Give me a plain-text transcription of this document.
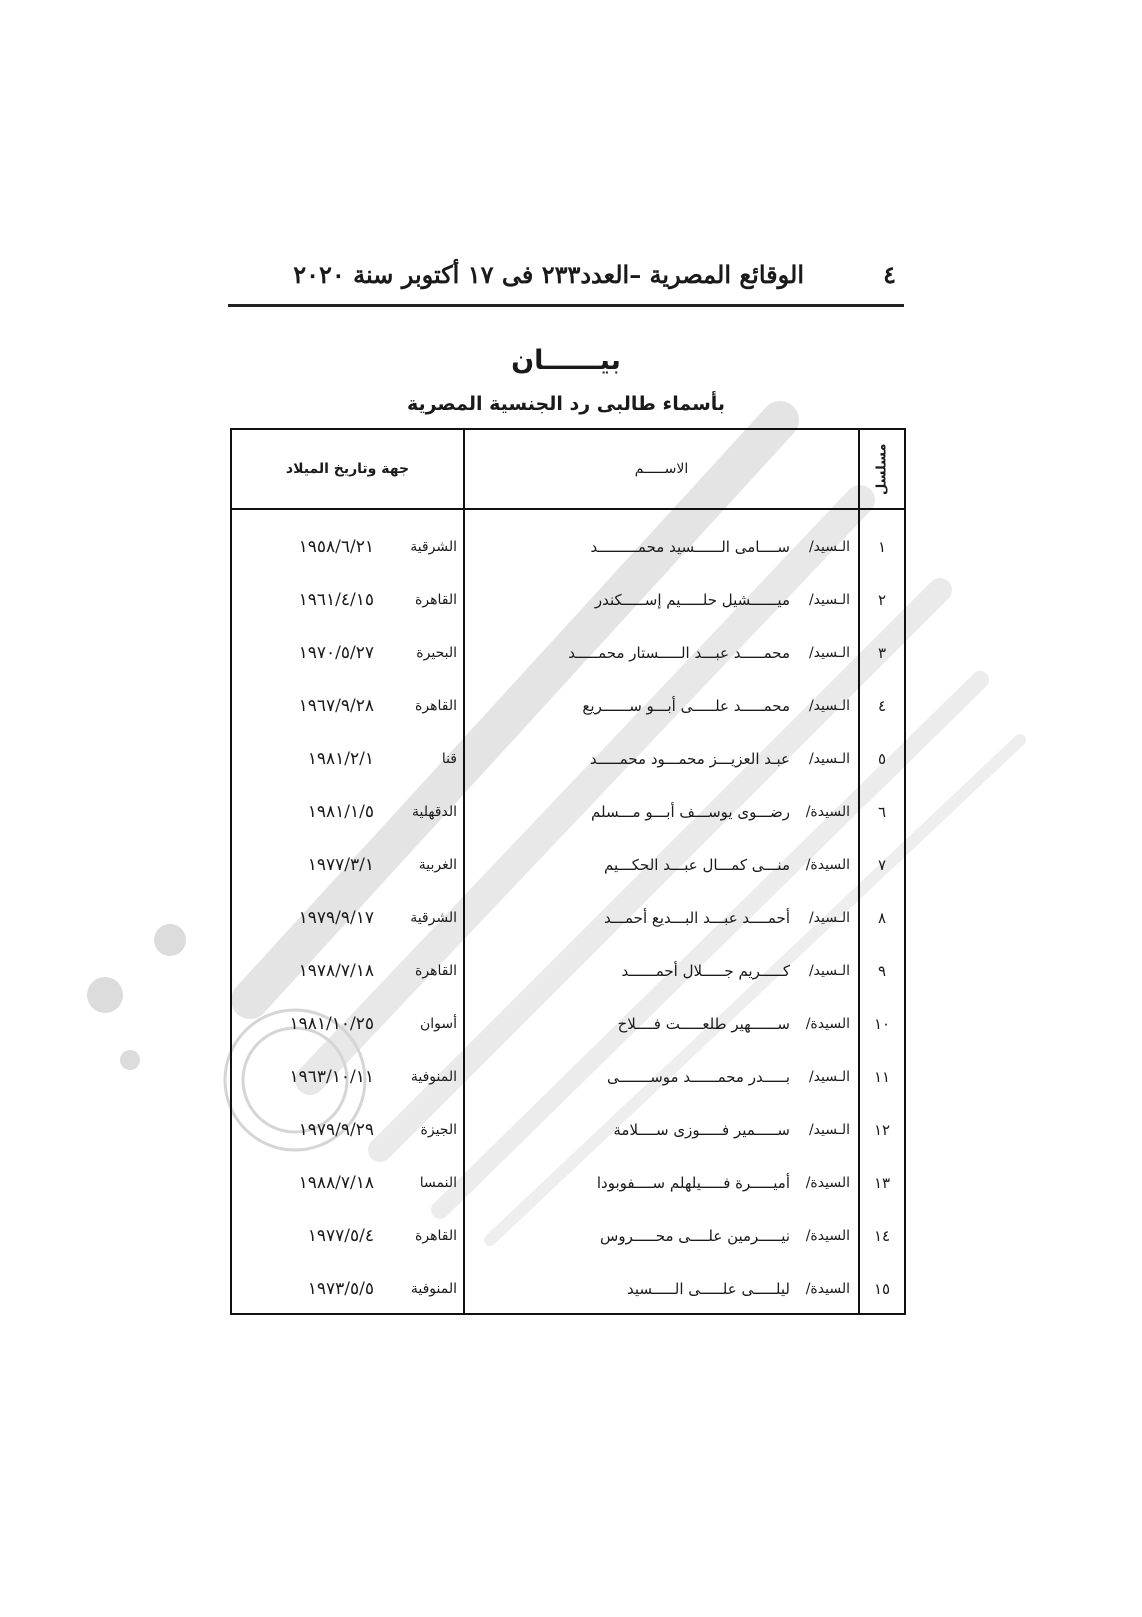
٤
الوقائع المصرية –العدد٢٣٣ فى ١٧ أكتوبر سنة ٢٠٢٠
بيــــــان
بأسماء طالبى رد الجنسية المصرية
مسلسل
الاســـــم
جهة وتاريخ الميلاد
١
الـسيد/
ســــامى الــــــسيد محمـــــــــد
الشرقية
١٩٥٨/٦/٢١
٢
الـسيد/
ميــــــشيل حلـــــيم إســـــكندر
القاهرة
١٩٦١/٤/١٥
٣
الـسيد/
محمـــــد عبـــد الـــــستار محمـــــد
البحيرة
١٩٧٠/٥/٢٧
٤
الـسيد/
محمـــــد علـــــى أبـــو ســــــريع
القاهرة
١٩٦٧/٩/٢٨
٥
الـسيد/
عبـد العزيـــز محمـــود محمـــــد
قنا
١٩٨١/٢/١
٦
السيدة/
رضـــوى يوســـف أبـــو مـــسلم
الدقهلية
١٩٨١/١/٥
٧
السيدة/
منـــى كمـــال عبـــد الحكـــيم
الغربية
١٩٧٧/٣/١
٨
الـسيد/
أحمــــد عبـــد البـــديع أحمـــد
الشرقية
١٩٧٩/٩/١٧
٩
الـسيد/
كـــــريم جـــــلال أحمــــــد
القاهرة
١٩٧٨/٧/١٨
١٠
السيدة/
ســــــهير طلعـــــت فــــلاح
أسوان
١٩٨١/١٠/٢٥
١١
الـسيد/
بـــــدر محمــــــد موســـــــى
المنوفية
١٩٦٣/١٠/١١
١٢
الـسيد/
ســـــمير فـــــوزى ســــلامة
الجيزة
١٩٧٩/٩/٢٩
١٣
السيدة/
أميـــــرة فـــــيلهلم ســــفوبودا
النمسا
١٩٨٨/٧/١٨
١٤
السيدة/
نيـــــرمين علــــى محـــــروس
القاهرة
١٩٧٧/٥/٤
١٥
السيدة/
ليلـــــى علـــــى الـــــسيد
المنوفية
١٩٧٣/٥/٥
